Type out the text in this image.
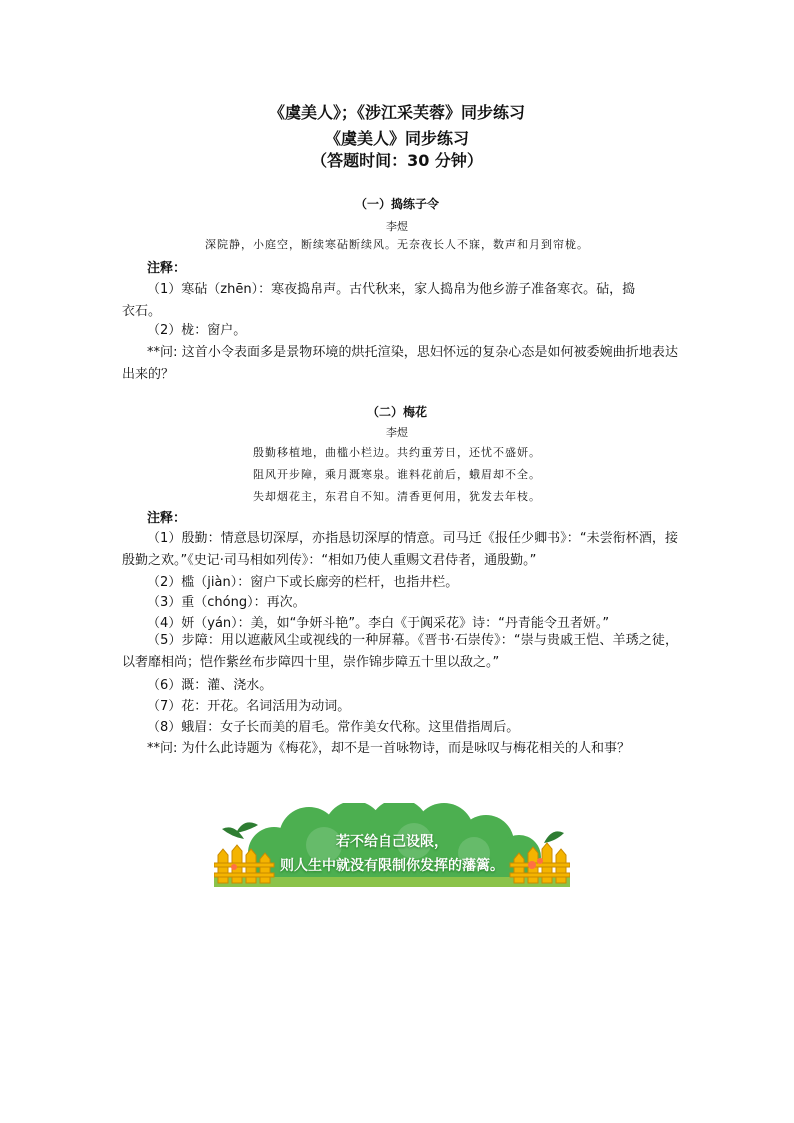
《虞美人》；《涉江采芙蓉》同步练习
《虞美人》同步练习
（答题时间：30 分钟）
（一）捣练子令
李煜
深院静，小庭空，断续寒砧断续风。无奈夜长人不寐，数声和月到帘栊。
注释：
（1）寒砧（zhēn）：寒夜捣帛声。古代秋来，家人捣帛为他乡游子准备寒衣。砧，捣
衣石。
（2）栊：窗户。
**问: 这首小令表面多是景物环境的烘托渲染，思妇怀远的复杂心态是如何被委婉曲折地表达出来的？
（二）梅花
李煜
殷勤移植地，曲槛小栏边。共约重芳日，还忧不盛妍。
阻风开步障，乘月溉寒泉。谁料花前后，蛾眉却不全。
失却烟花主，东君自不知。清香更何用，犹发去年枝。
注释：
（1）殷勤：情意恳切深厚，亦指恳切深厚的情意。司马迁《报任少卿书》：“未尝衔杯酒，接殷勤之欢。”《史记·司马相如列传》：“相如乃使人重赐文君侍者，通殷勤。”
（2）槛（jiàn）：窗户下或长廊旁的栏杆，也指井栏。
（3）重（chóng）：再次。
（4）妍（yán）：美，如“争妍斗艳”。李白《于阗采花》诗：“丹青能令丑者妍。”
（5）步障：用以遮蔽风尘或视线的一种屏幕。《晋书·石崇传》：“崇与贵戚王恺、羊琇之徒，以奢靡相尚；恺作紫丝布步障四十里，崇作锦步障五十里以敌之。”
（6）溉：灌、浇水。
（7）花：开花。名词活用为动词。
（8）蛾眉：女子长而美的眉毛。常作美女代称。这里借指周后。
**问: 为什么此诗题为《梅花》，却不是一首咏物诗，而是咏叹与梅花相关的人和事？
若不给自己设限，
则人生中就没有限制你发挥的藩篱。
